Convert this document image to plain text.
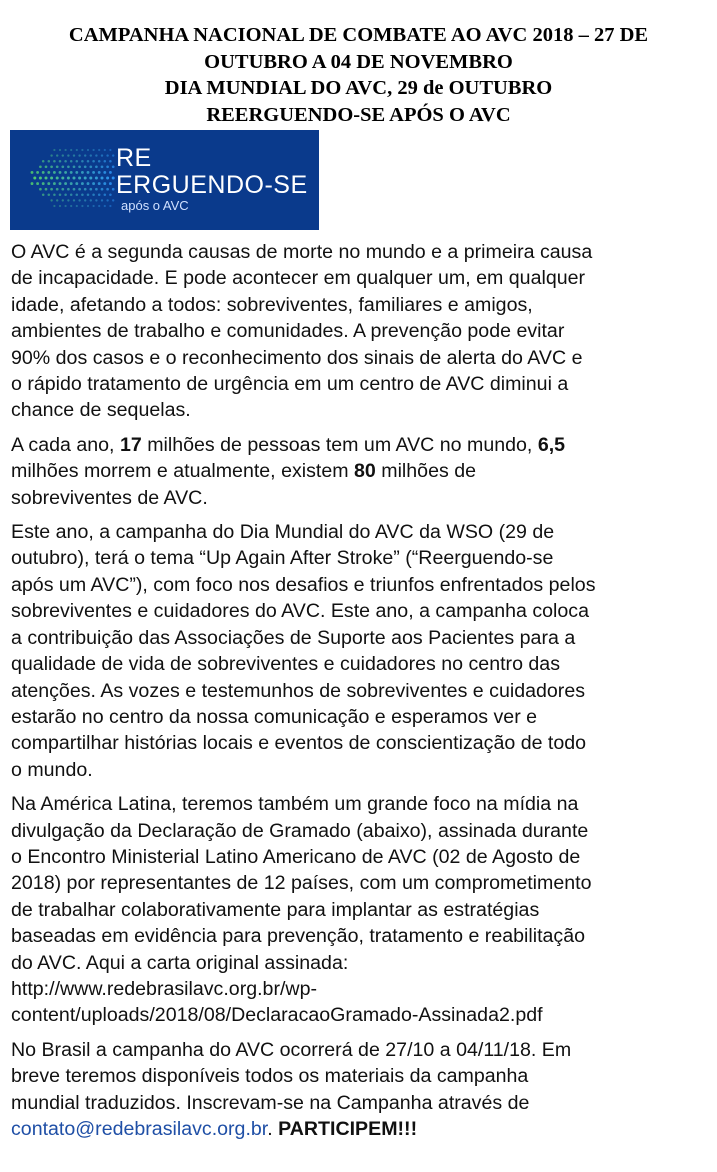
CAMPANHA NACIONAL DE COMBATE AO AVC 2018 – 27 DE
OUTUBRO A 04 DE NOVEMBRO
DIA MUNDIAL DO AVC, 29 de OUTUBRO
REERGUENDO-SE APÓS O AVC
RE
ERGUENDO-SE
após o AVC
O AVC é a segunda causas de morte no mundo e a primeira causa
de incapacidade. E pode acontecer em qualquer um, em qualquer
idade, afetando a todos: sobreviventes, familiares e amigos,
ambientes de trabalho e comunidades. A prevenção pode evitar
90% dos casos e o reconhecimento dos sinais de alerta do AVC e
o rápido tratamento de urgência em um centro de AVC diminui a
chance de sequelas.
A cada ano, 17 milhões de pessoas tem um AVC no mundo, 6,5
milhões morrem e atualmente, existem 80 milhões de
sobreviventes de AVC.
Este ano, a campanha do Dia Mundial do AVC da WSO (29 de
outubro), terá o tema “Up Again After Stroke” (“Reerguendo-se
após um AVC”), com foco nos desafios e triunfos enfrentados pelos
sobreviventes e cuidadores do AVC. Este ano, a campanha coloca
a contribuição das Associações de Suporte aos Pacientes para a
qualidade de vida de sobreviventes e cuidadores no centro das
atenções. As vozes e testemunhos de sobreviventes e cuidadores
estarão no centro da nossa comunicação e esperamos ver e
compartilhar histórias locais e eventos de conscientização de todo
o mundo.
Na América Latina, teremos também um grande foco na mídia na
divulgação da Declaração de Gramado (abaixo), assinada durante
o Encontro Ministerial Latino Americano de AVC (02 de Agosto de
2018) por representantes de 12 países, com um comprometimento
de trabalhar colaborativamente para implantar as estratégias
baseadas em evidência para prevenção, tratamento e reabilitação
do AVC. Aqui a carta original assinada:
http://www.redebrasilavc.org.br/wp-
content/uploads/2018/08/DeclaracaoGramado-Assinada2.pdf
No Brasil a campanha do AVC ocorrerá de 27/10 a 04/11/18. Em
breve teremos disponíveis todos os materiais da campanha
mundial traduzidos. Inscrevam-se na Campanha através de
contato@redebrasilavc.org.br. PARTICIPEM!!!
